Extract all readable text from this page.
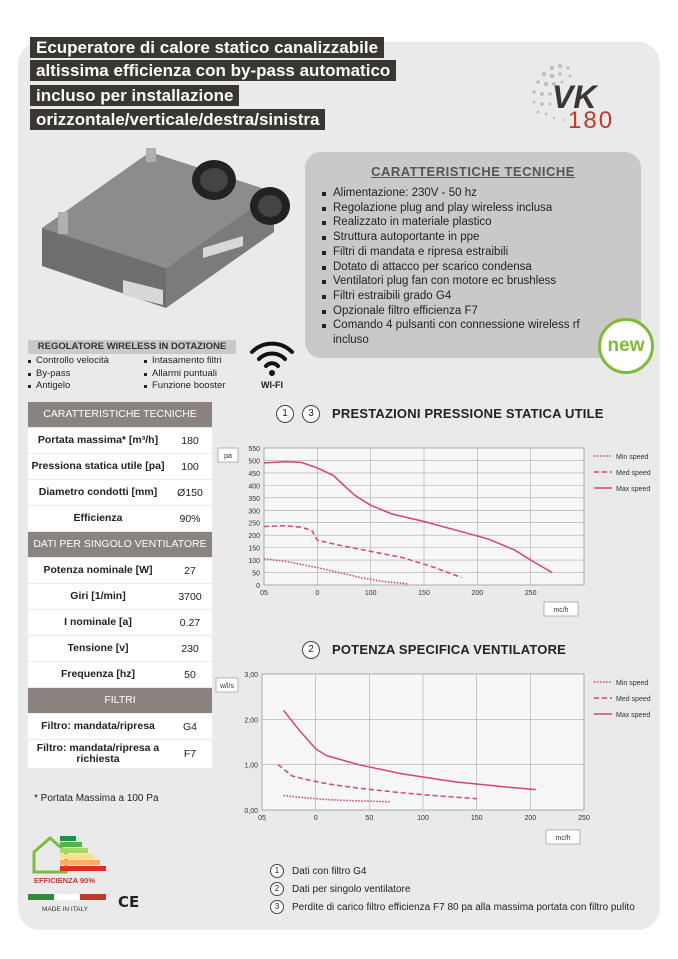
Ecuperatore di calore statico canalizzabile
altissima efficienza con by-pass automatico
incluso per installazione
orizzontale/verticale/destra/sinistra
VK
180
CARATTERISTICHE TECNICHE
Alimentazione: 230V - 50 hz
Regolazione plug and play wireless inclusa
Realizzato in materiale plastico
Struttura autoportante in ppe
Filtri di mandata e ripresa estraibili
Dotato di attacco per scarico condensa
Ventilatori plug fan con motore ec brushless
Filtri estraibili grado G4
Opzionale filtro efficienza F7
Comando 4 pulsanti con connessione wireless rf incluso	new
REGOLATORE WIRELESS IN DOTAZIONE
Controllo velocità
By-pass
Antigelo
Intasamento filtri
Allarmi puntuali
Funzione booster	WI-FI
CARATTERISTICHE TECNICHE
Portata massima* [m³/h]	180
Pressiona statica utile [pa]	100
Diametro condotti [mm]	Ø150
Efficienza	90%
DATI PER SINGOLO VENTILATORE
Potenza nominale [W]	27
Giri [1/min]	3700
I nominale [a]	0.27
Tensione [v]	230
Frequenza [hz]	50
FILTRI
Filtro: mandata/ripresa	G4
Filtro: mandata/ripresa a richiesta	F7
* Portata Massima a 100 Pa
1	3	PRESTAZIONI PRESSIONE STATICA UTILE
0
50
100
150
200
250
300
350
400
450
500
550
05	0	100	150	200	250
pa
mc/h
Min speed
Med speed
Max speed
2	POTENZA SPECIFICA VENTILATORE
0,00
1,00
2,00
3,00
05	0	50	100	150	200	250
w/l/s
mc/h
Min speed
Med speed
Max speed
1	Dati con filtro G4
2	Dati per singolo ventilatore
3	Perdite di carico filtro efficienza F7 80 pa alla massima portata con filtro pulito
EFFICIENZA 90%
MADE IN ITALY CE
